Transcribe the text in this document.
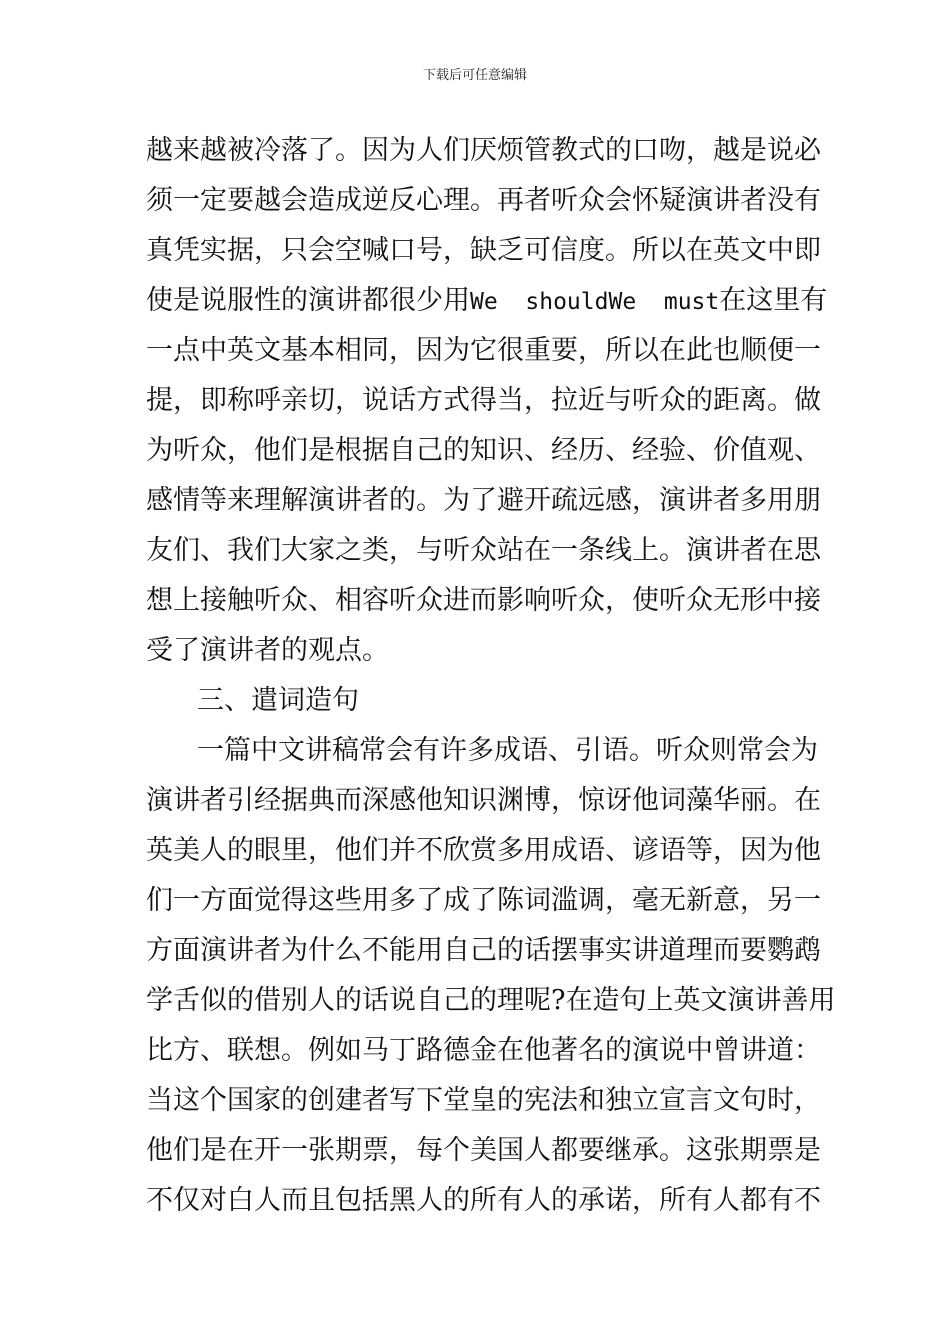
下载后可任意编辑
越来越被冷落了。因为人们厌烦管教式的口吻，越是说必
须一定要越会造成逆反心理。再者听众会怀疑演讲者没有
真凭实据，只会空喊口号，缺乏可信度。所以在英文中即
使是说服性的演讲都很少用We  shouldWe  must在这里有
一点中英文基本相同，因为它很重要，所以在此也顺便一
提，即称呼亲切，说话方式得当，拉近与听众的距离。做
为听众，他们是根据自己的知识、经历、经验、价值观、
感情等来理解演讲者的。为了避开疏远感，演讲者多用朋
友们、我们大家之类，与听众站在一条线上。演讲者在思
想上接触听众、相容听众进而影响听众，使听众无形中接
受了演讲者的观点。
三、遣词造句
一篇中文讲稿常会有许多成语、引语。听众则常会为
演讲者引经据典而深感他知识渊博，惊讶他词藻华丽。在
英美人的眼里，他们并不欣赏多用成语、谚语等，因为他
们一方面觉得这些用多了成了陈词滥调，毫无新意，另一
方面演讲者为什么不能用自己的话摆事实讲道理而要鹦鹉
学舌似的借别人的话说自己的理呢?在造句上英文演讲善用
比方、联想。例如马丁路德金在他著名的演说中曾讲道：
当这个国家的创建者写下堂皇的宪法和独立宣言文句时，
他们是在开一张期票，每个美国人都要继承。这张期票是
不仅对白人而且包括黑人的所有人的承诺，所有人都有不
